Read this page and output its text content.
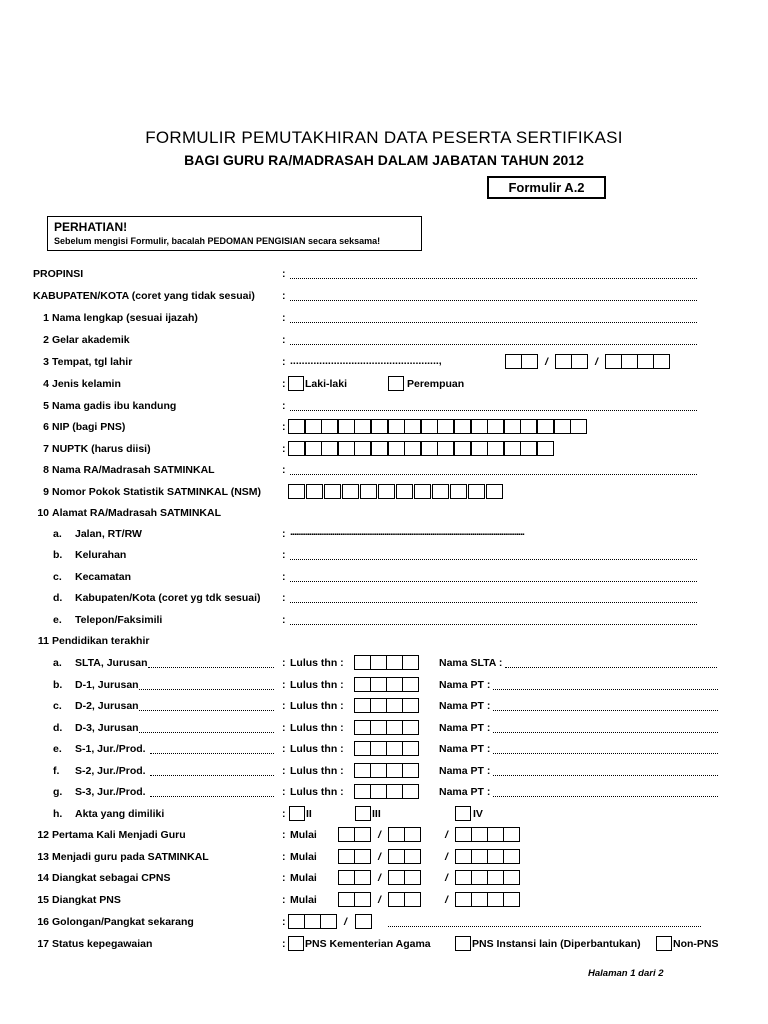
FORMULIR PEMUTAKHIRAN DATA PESERTA SERTIFIKASI
BAGI GURU RA/MADRASAH DALAM JABATAN TAHUN 2012
Formulir A.2
PERHATIAN!
Sebelum mengisi Formulir, bacalah PEDOMAN PENGISIAN secara seksama!
PROPINSI	:
KABUPATEN/KOTA (coret yang tidak sesuai)	:
1 Nama lengkap (sesuai ijazah)	:
2 Gelar akademik	:
3 Tempat, tgl lahir	: ...................................................,	/	/
4 Jenis kelamin	: Laki-laki	Perempuan
5 Nama gadis ibu kandung	:
6 NIP (bagi PNS)	:
7 NUPTK (harus diisi)	:
8 Nama RA/Madrasah SATMINKAL	:
9 Nomor Pokok Statistik SATMINKAL (NSM)
10 Alamat RA/Madrasah SATMINKAL
a. Jalan, RT/RW	: ..........................................................................................................................
b. Kelurahan	:
c. Kecamatan	:
d. Kabupaten/Kota (coret yg tdk sesuai) :
e. Telepon/Faksimili	:
11 Pendidikan terakhir
a. SLTA, Jurusan	: Lulus thn :	Nama SLTA :
b. D-1, Jurusan	: Lulus thn :	Nama PT :
c. D-2, Jurusan	: Lulus thn :	Nama PT :
d. D-3, Jurusan	: Lulus thn :	Nama PT :
e. S-1, Jur./Prod.	: Lulus thn :	Nama PT :
f. S-2, Jur./Prod.	: Lulus thn :	Nama PT :
g. S-3, Jur./Prod.	: Lulus thn :	Nama PT :
h. Akta yang dimiliki	: II	III	IV
12 Pertama Kali Menjadi Guru	: Mulai	/	/
13 Menjadi guru pada SATMINKAL	: Mulai	/	/
14 Diangkat sebagai CPNS	: Mulai	/	/
15 Diangkat PNS	: Mulai	/	/
16 Golongan/Pangkat sekarang	:	/
17 Status kepegawaian	: PNS Kementerian Agama	PNS Instansi lain (Diperbantukan)	Non-PNS
Halaman 1 dari 2
